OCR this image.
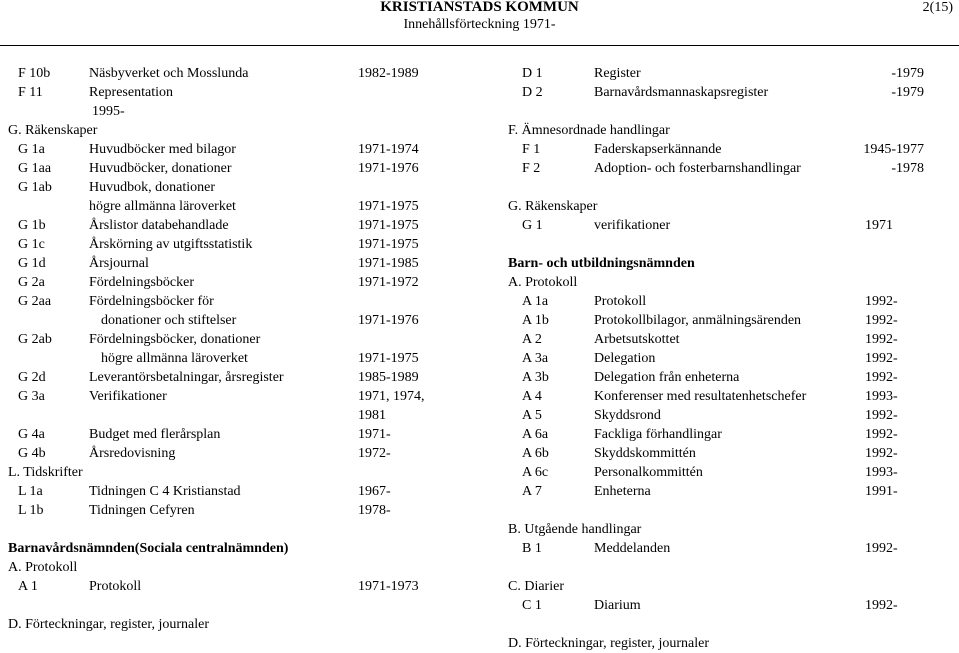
KRISTIANSTADS KOMMUN
Innehållsförteckning 1971-
2(15)
F 10b	Näsbyverket och Mosslunda	1982-1989
F 11	Representation
1995-
G. Räkenskaper
G 1a	Huvudböcker med bilagor	1971-1974
G 1aa	Huvudböcker, donationer	1971-1976
G 1ab	Huvudbok, donationer
högre allmänna läroverket	1971-1975
G 1b	Årslistor databehandlade	1971-1975
G 1c	Årskörning av utgiftsstatistik	1971-1975
G 1d	Årsjournal	1971-1985
G 2a	Fördelningsböcker	1971-1972
G 2aa	Fördelningsböcker för
donationer och stiftelser	1971-1976
G 2ab	Fördelningsböcker, donationer
högre allmänna läroverket	1971-1975
G 2d	Leverantörsbetalningar, årsregister	1985-1989
G 3a	Verifikationer	1971, 1974,
1981
G 4a	Budget med flerårsplan	1971-
G 4b	Årsredovisning	1972-
L. Tidskrifter
L 1a	Tidningen C 4 Kristianstad	1967-
L 1b	Tidningen Cefyren	1978-
Barnavårdsnämnden(Sociala centralnämnden)
A. Protokoll
A 1	Protokoll	1971-1973
D. Förteckningar, register, journaler
D 1	Register	-1979
D 2	Barnavårdsmannaskapsregister	-1979
F. Ämnesordnade handlingar
F 1	Faderskapserkännande	1945-1977
F 2	Adoption- och fosterbarnshandlingar	-1978
G. Räkenskaper
G 1	verifikationer	1971
Barn- och utbildningsnämnden
A. Protokoll
A 1a	Protokoll	1992-
A 1b	Protokollbilagor, anmälningsärenden	1992-
A 2	Arbetsutskottet	1992-
A 3a	Delegation	1992-
A 3b	Delegation från enheterna	1992-
A 4	Konferenser med resultatenhetschefer	1993-
A 5	Skyddsrond	1992-
A 6a	Fackliga förhandlingar	1992-
A 6b	Skyddskommittén	1992-
A 6c	Personalkommittén	1993-
A 7	Enheterna	1991-
B. Utgående handlingar
B 1	Meddelanden	1992-
C. Diarier
C 1	Diarium	1992-
D. Förteckningar, register, journaler
